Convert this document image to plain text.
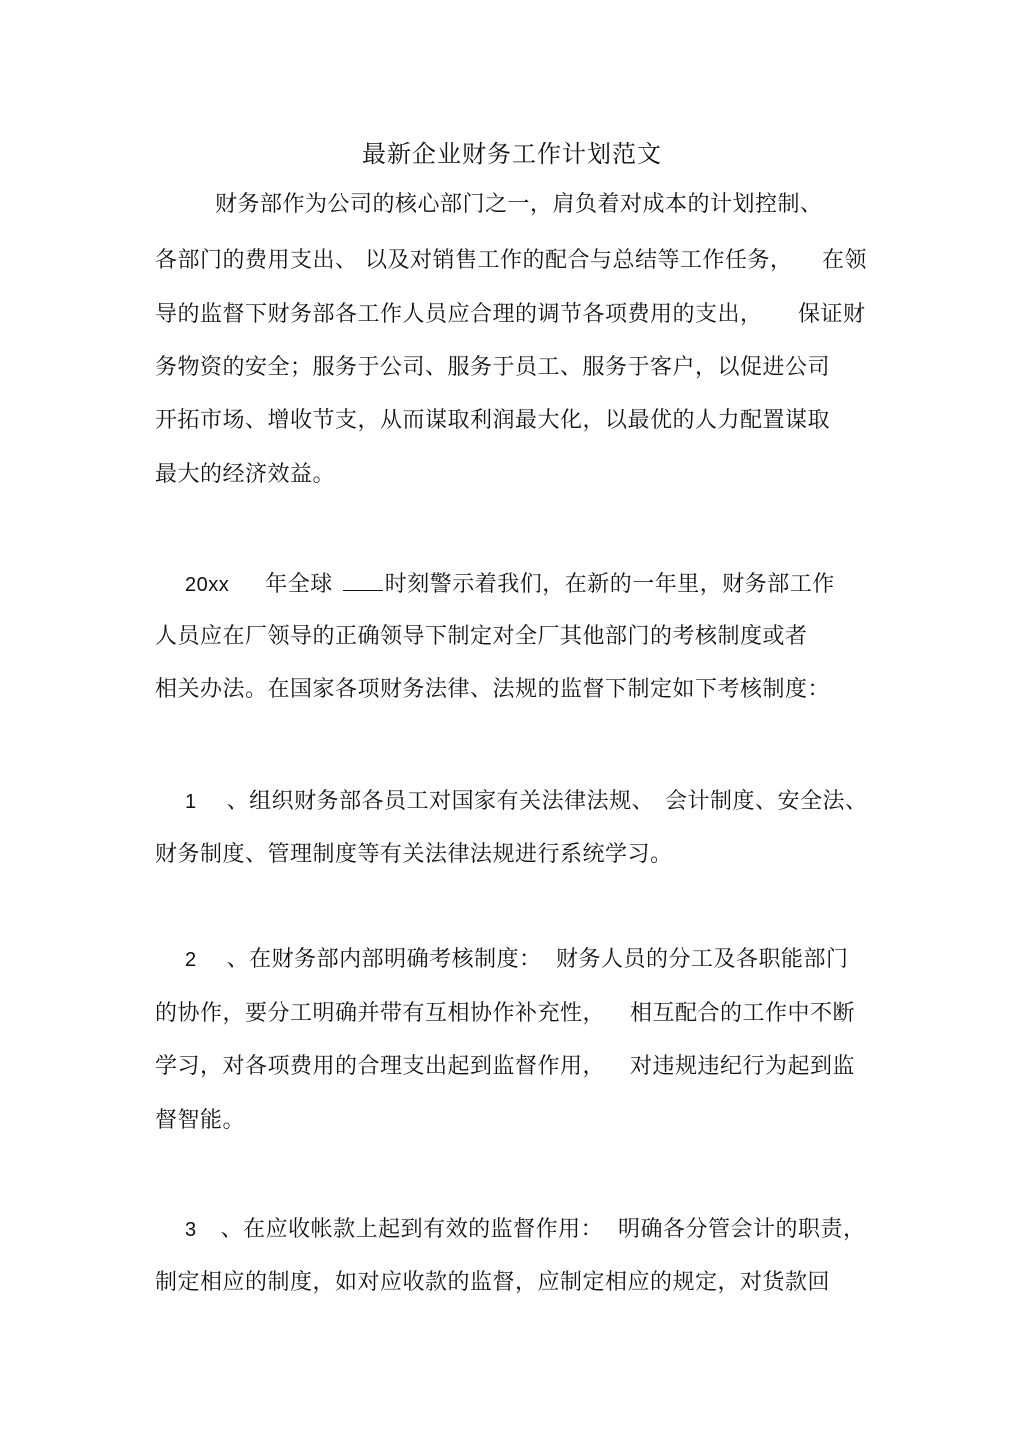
最新企业财务工作计划范文
财务部作为公司的核心部门之一，肩负着对成本的计划控制、
各部门的费用支出、 以及对销售工作的配合与总结等工作任务， 在领
导的监督下财务部各工作人员应合理的调节各项费用的支出， 保证财
务物资的安全；服务于公司、服务于员工、服务于客户，以促进公司
开拓市场、增收节支，从而谋取利润最大化，以最优的人力配置谋取
最大的经济效益。
20xx 年全球 时刻警示着我们，在新的一年里，财务部工作
人员应在厂领导的正确领导下制定对全厂其他部门的考核制度或者
相关办法。在国家各项财务法律、法规的监督下制定如下考核制度：
1 、组织财务部各员工对国家有关法律法规、 会计制度、安全法、
财务制度、管理制度等有关法律法规进行系统学习。
2 、在财务部内部明确考核制度： 财务人员的分工及各职能部门
的协作，要分工明确并带有互相协作补充性， 相互配合的工作中不断
学习，对各项费用的合理支出起到监督作用， 对违规违纪行为起到监
督智能。
3 、在应收帐款上起到有效的监督作用： 明确各分管会计的职责，
制定相应的制度，如对应收款的监督，应制定相应的规定，对货款回
